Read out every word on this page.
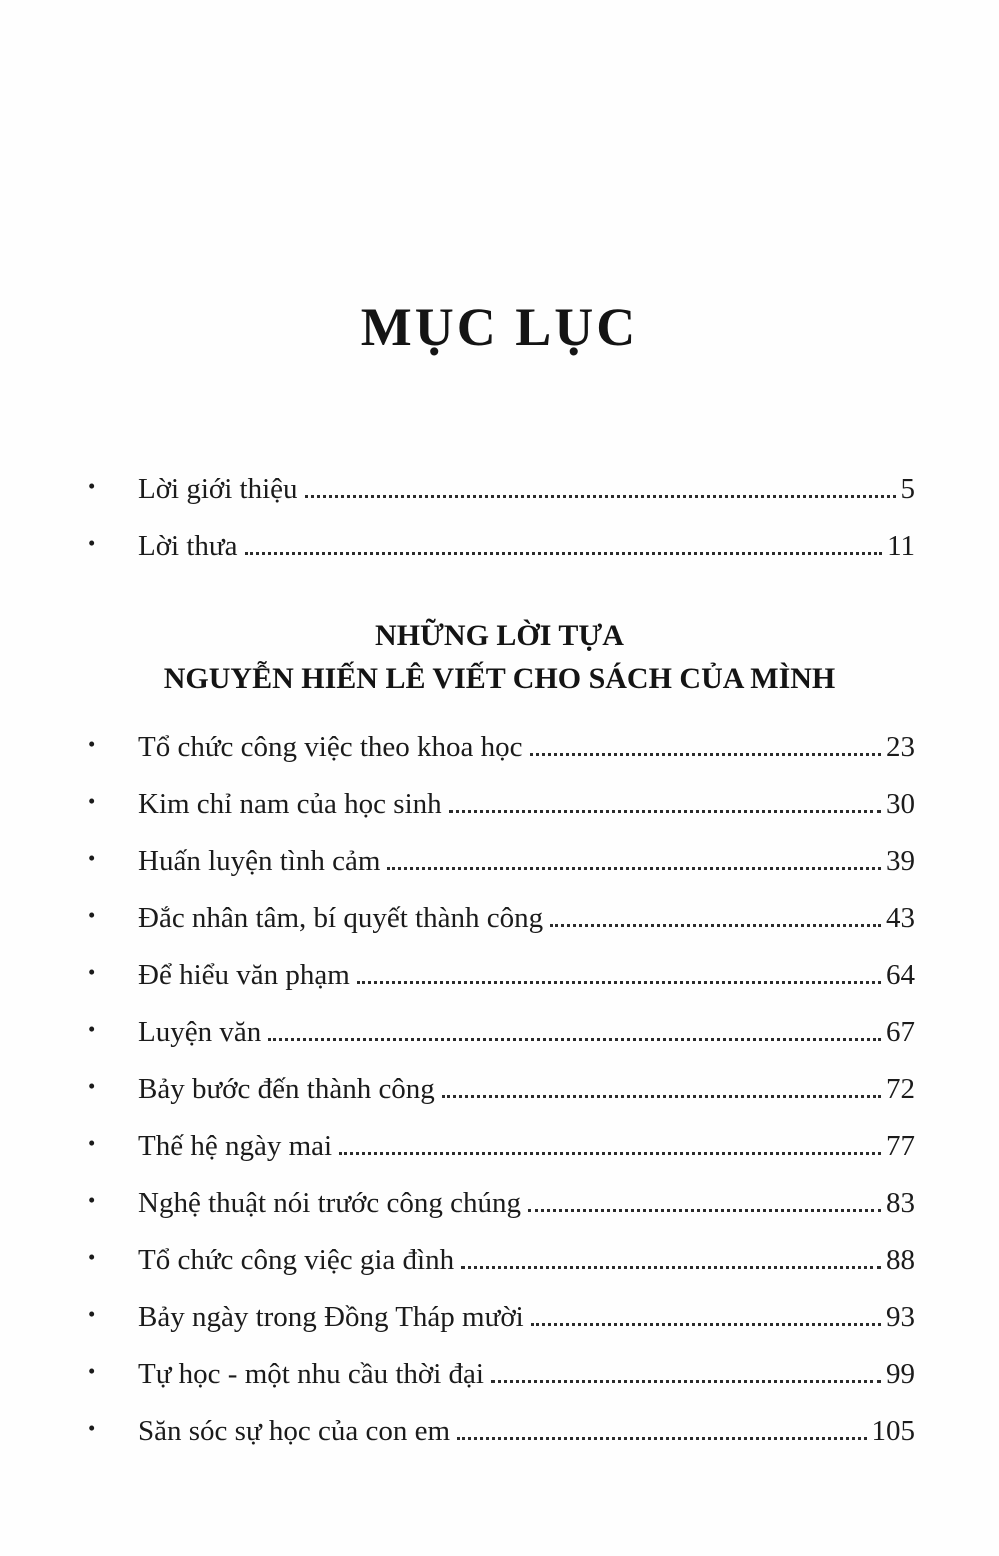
MỤC LỤC
•	Lời giới thiệu	5
•	Lời thưa	11
NHỮNG LỜI TỰA
NGUYỄN HIẾN LÊ VIẾT CHO SÁCH CỦA MÌNH
•	Tổ chức công việc theo khoa học	23
•	Kim chỉ nam của học sinh	30
•	Huấn luyện tình cảm	39
•	Đắc nhân tâm, bí quyết thành công	43
•	Để hiểu văn phạm	64
•	Luyện văn	67
•	Bảy bước đến thành công	72
•	Thế hệ ngày mai	77
•	Nghệ thuật nói trước công chúng	83
•	Tổ chức công việc gia đình	88
•	Bảy ngày trong Đồng Tháp mười	93
•	Tự học - một nhu cầu thời đại	99
•	Săn sóc sự học của con em	105
